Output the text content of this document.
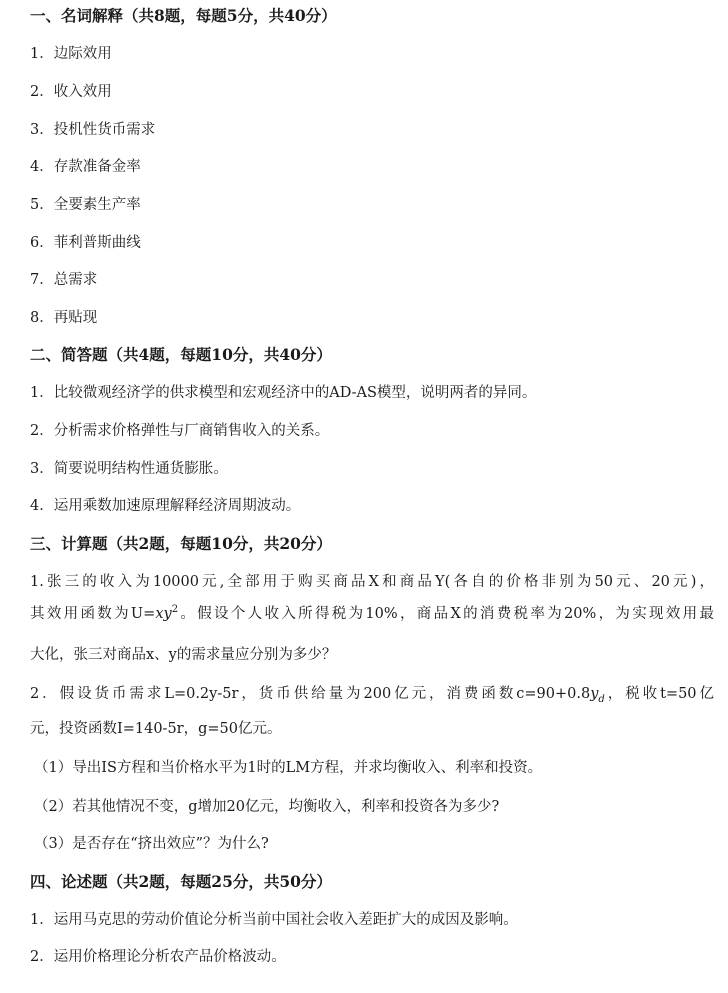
一、名词解释（共8题，每题5分，共40分）
1．边际效用
2．收入效用
3．投机性货币需求
4．存款准备金率
5．全要素生产率
6．菲利普斯曲线
7．总需求
8．再贴现
二、简答题（共4题，每题10分，共40分）
1．比较微观经济学的供求模型和宏观经济中的AD-AS模型，说明两者的异同。
2．分析需求价格弹性与厂商销售收入的关系。
3．简要说明结构性通货膨胀。
4．运用乘数加速原理解释经济周期波动。
三、计算题（共2题，每题10分，共20分）
1.张三的收入为10000元,全部用于购买商品X和商品Y(各自的价格非别为50元、20元)，
其效用函数为$U=xy^2$。假设个人收入所得税为10%，商品X的消费税率为20%，为实现效用最
大化，张三对商品x、y的需求量应分别为多少？
2．假设货币需求L=0.2y-5r，货币供给量为200亿元，消费函数$c=90+0.8y_d$，税收t=50亿
元，投资函数I=140-5r，g=50亿元。
（1）导出IS方程和当价格水平为1时的LM方程，并求均衡收入、利率和投资。
（2）若其他情况不变，g增加20亿元，均衡收入，利率和投资各为多少?
（3）是否存在“挤出效应”？为什么?
四、论述题（共2题，每题25分，共50分）
1．运用马克思的劳动价值论分析当前中国社会收入差距扩大的成因及影响。
2．运用价格理论分析农产品价格波动。
